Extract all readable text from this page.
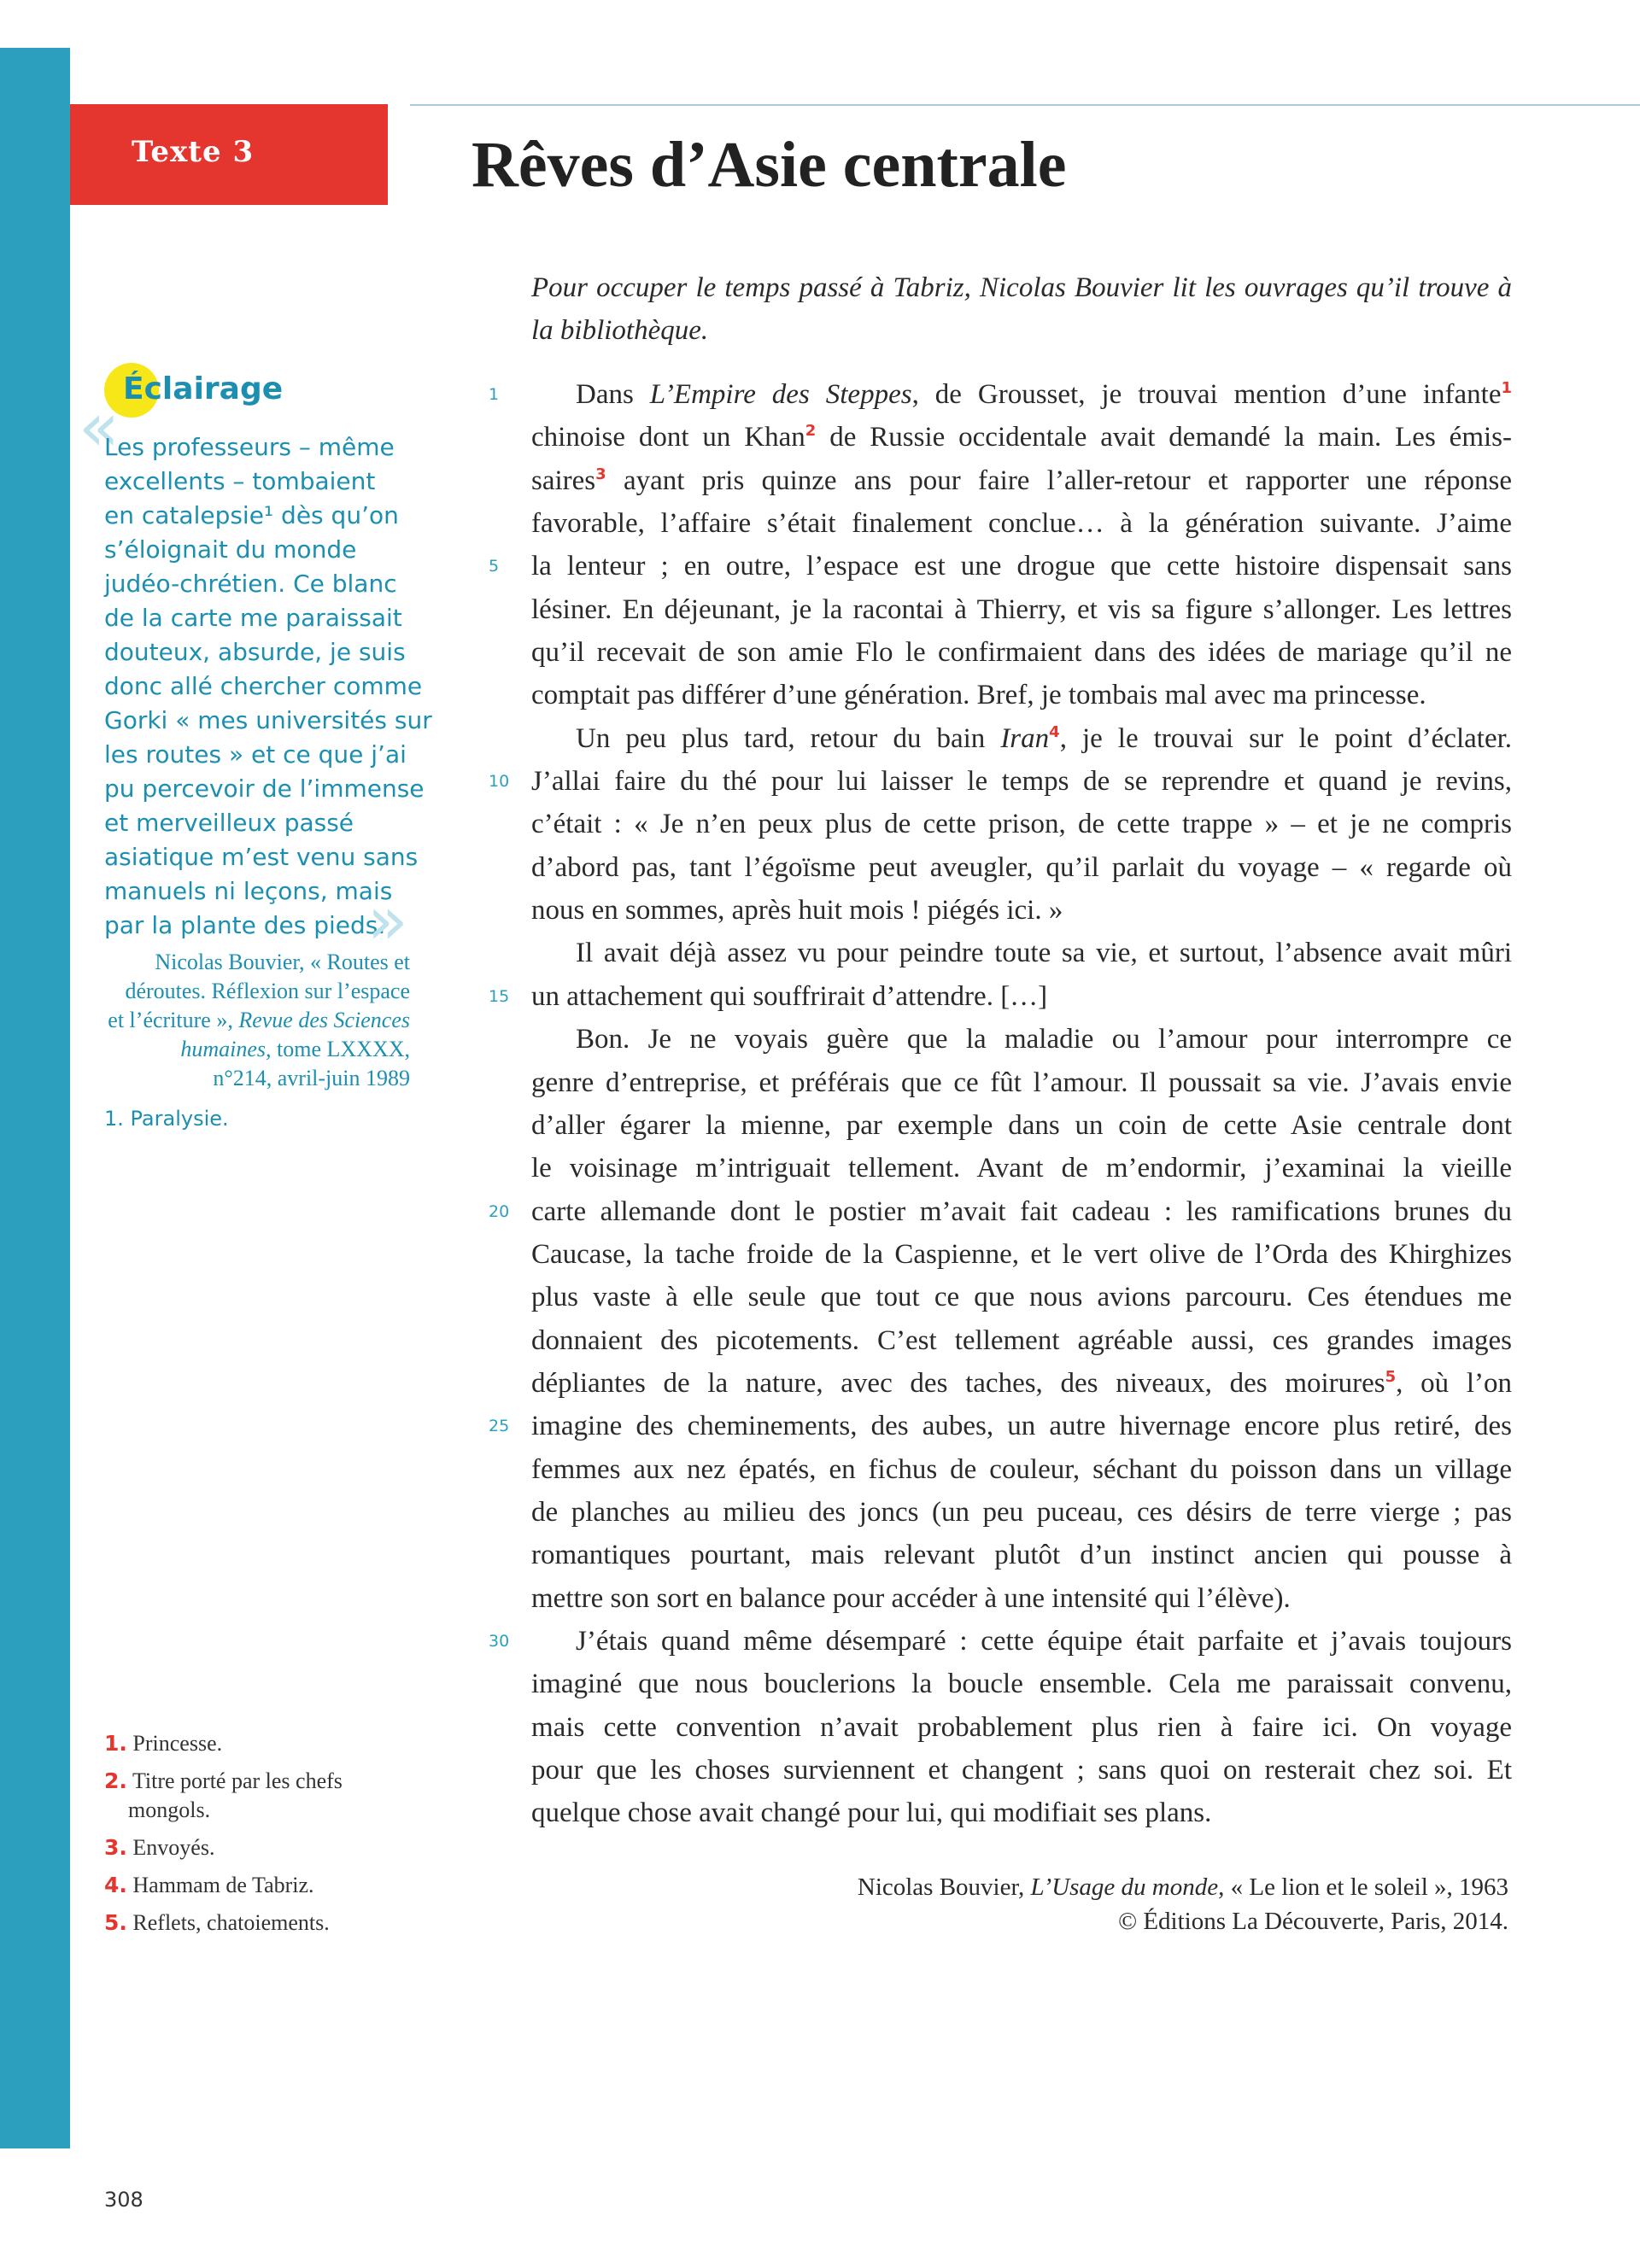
Texte 3	Rêves d’Asie centrale
Éclairage
«
Les professeurs – même
excellents – tombaient
en catalepsie¹ dès qu’on
s’éloignait du monde
judéo-chrétien. Ce blanc
de la carte me paraissait
douteux, absurde, je suis
donc allé chercher comme
Gorki « mes universités sur
les routes » et ce que j’ai
pu percevoir de l’immense
et merveilleux passé
asiatique m’est venu sans
manuels ni leçons, mais
par la plante des pieds.
»
Nicolas Bouvier, « Routes et
déroutes. Réflexion sur l’espace
et l’écriture », Revue des Sciences
humaines, tome LXXXX,
n°214, avril-juin 1989
1. Paralysie.
1. Princesse.
2. Titre porté par les chefs
mongols.
3. Envoyés.
4. Hammam de Tabriz.
5. Reflets, chatoiements.
Pour occuper le temps passé à Tabriz, Nicolas Bouvier lit les ouvrages qu’il trouve à
la bibliothèque.
1	Dans L’Empire des Steppes, de Grousset, je trouvai mention d’une infante$^1$
chinoise dont un Khan$^2$ de Russie occidentale avait demandé la main. Les émis-
saires$^3$ ayant pris quinze ans pour faire l’aller-retour et rapporter une réponse
favorable, l’affaire s’était finalement conclue… à la génération suivante. J’aime
5	la lenteur ; en outre, l’espace est une drogue que cette histoire dispensait sans
lésiner. En déjeunant, je la racontai à Thierry, et vis sa figure s’allonger. Les lettres
qu’il recevait de son amie Flo le confirmaient dans des idées de mariage qu’il ne
comptait pas différer d’une génération. Bref, je tombais mal avec ma princesse.
Un peu plus tard, retour du bain Iran$^4$, je le trouvai sur le point d’éclater.
10 J’allai faire du thé pour lui laisser le temps de se reprendre et quand je revins,
c’était : « Je n’en peux plus de cette prison, de cette trappe » – et je ne compris
d’abord pas, tant l’égoïsme peut aveugler, qu’il parlait du voyage – « regarde où
nous en sommes, après huit mois ! piégés ici. »
Il avait déjà assez vu pour peindre toute sa vie, et surtout, l’absence avait mûri
15 un attachement qui souffrirait d’attendre. […]
Bon. Je ne voyais guère que la maladie ou l’amour pour interrompre ce
genre d’entreprise, et préférais que ce fût l’amour. Il poussait sa vie. J’avais envie
d’aller égarer la mienne, par exemple dans un coin de cette Asie centrale dont
le voisinage m’intriguait tellement. Avant de m’endormir, j’examinai la vieille
20 carte allemande dont le postier m’avait fait cadeau : les ramifications brunes du
Caucase, la tache froide de la Caspienne, et le vert olive de l’Orda des Khirghizes
plus vaste à elle seule que tout ce que nous avions parcouru. Ces étendues me
donnaient des picotements. C’est tellement agréable aussi, ces grandes images
dépliantes de la nature, avec des taches, des niveaux, des moirures$^5$, où l’on
25 imagine des cheminements, des aubes, un autre hivernage encore plus retiré, des
femmes aux nez épatés, en fichus de couleur, séchant du poisson dans un village
de planches au milieu des joncs (un peu puceau, ces désirs de terre vierge ; pas
romantiques pourtant, mais relevant plutôt d’un instinct ancien qui pousse à
mettre son sort en balance pour accéder à une intensité qui l’élève).
30 J’étais quand même désemparé : cette équipe était parfaite et j’avais toujours
imaginé que nous bouclerions la boucle ensemble. Cela me paraissait convenu,
mais cette convention n’avait probablement plus rien à faire ici. On voyage
pour que les choses surviennent et changent ; sans quoi on resterait chez soi. Et
quelque chose avait changé pour lui, qui modifiait ses plans.
Nicolas Bouvier, L’Usage du monde, « Le lion et le soleil », 1963
© Éditions La Découverte, Paris, 2014.
308
